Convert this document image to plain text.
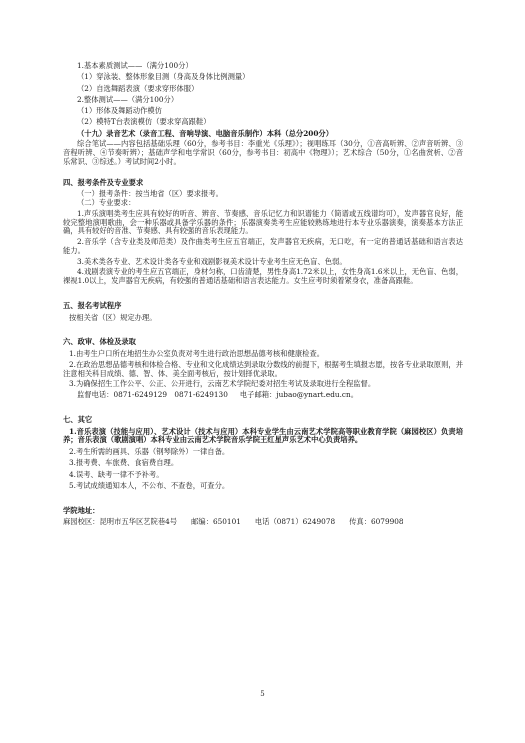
1.基本素质测试——（满分100分）
（1）穿泳装、整体形象目测（身高及身体比例测量）
（2）自选舞蹈表演（要求穿形体服）
2.整体测试——（满分100分）
（1）形体及舞蹈动作模仿
（2）模特T台表演模仿（要求穿高跟鞋）
（十九）录音艺术（录音工程、音响导演、电脑音乐制作）本科（总分200分）

综合笔试——内容包括基础乐理（60分，参考书目：李重光《乐理》）；视唱练耳（30分，①音高听辨、②声音听辨、③音程听辨、④节奏听辨）；基础声学和电学常识（60分，参考书目：初高中《物理》）；艺术综合（50分，①名曲赏析、②音乐常识、③综述。）考试时间2小时。

四、报考条件及专业要求
（一）报考条件：按当地省（区）要求报考。
（二）专业要求：

1.声乐演唱类考生应具有较好的听音、辨音、节奏感、音乐记忆力和识谱能力（简谱或五线谱均可），发声器官良好，能较完整地演唱歌曲，会一种乐器或具备学乐器的条件；乐器演奏类考生应能较熟练地进行本专业乐器演奏，演奏基本方法正确，具有较好的音准、节奏感、具有较强的音乐表现能力。

2.音乐学（含专业类及师范类）及作曲类考生应五官端正，发声器官无疾病，无口吃，有一定的普通话基础和语言表达能力。

3.美术类各专业、艺术设计类各专业和戏剧影视美术设计专业考生应无色盲、色弱。

4.戏剧表演专业的考生应五官端正，身材匀称，口齿清楚，男性身高1.72米以上，女性身高1.6米以上，无色盲、色弱，裸视1.0以上，发声器官无疾病，有较强的普通话基础和语言表达能力。女生应考时须着紧身衣，准备高跟鞋。

五、报名考试程序
按相关省（区）规定办理。
六、政审、体检及录取
1.由考生户口所在地招生办公室负责对考生进行政治思想品德考核和健康检查。

2.在政治思想品德考核和体检合格、专业和文化成绩达到录取分数线的前提下，根据考生填报志愿，按各专业录取原则，并注意相关科目成绩、德、智、体、美全面考核后，按计划择优录取。

3.为确保招生工作公平、公正、公开进行，云南艺术学院纪委对招生考试及录取进行全程监督。
监督电话：0871-6249129　0871-6249130 电子邮箱：jubao@ynart.edu.cn。
七、其它

1.音乐表演（技能与应用）、艺术设计（技术与应用）本科专业学生由云南艺术学院高等职业教育学院（麻园校区）负责培养；音乐表演（歌剧演唱）本科专业由云南艺术学院音乐学院王红星声乐艺术中心负责培养。

2.考生所需的画具、乐器（钢琴除外）一律自备。
3.报考费、车旅费、食宿费自理。
4.误考、缺考一律不予补考。
5.考试成绩通知本人，不公布、不查卷，可查分。
学院地址：
麻园校区：昆明市五华区艺院巷4号 邮编：650101 电话（0871）6249078 传真：6079908
5
